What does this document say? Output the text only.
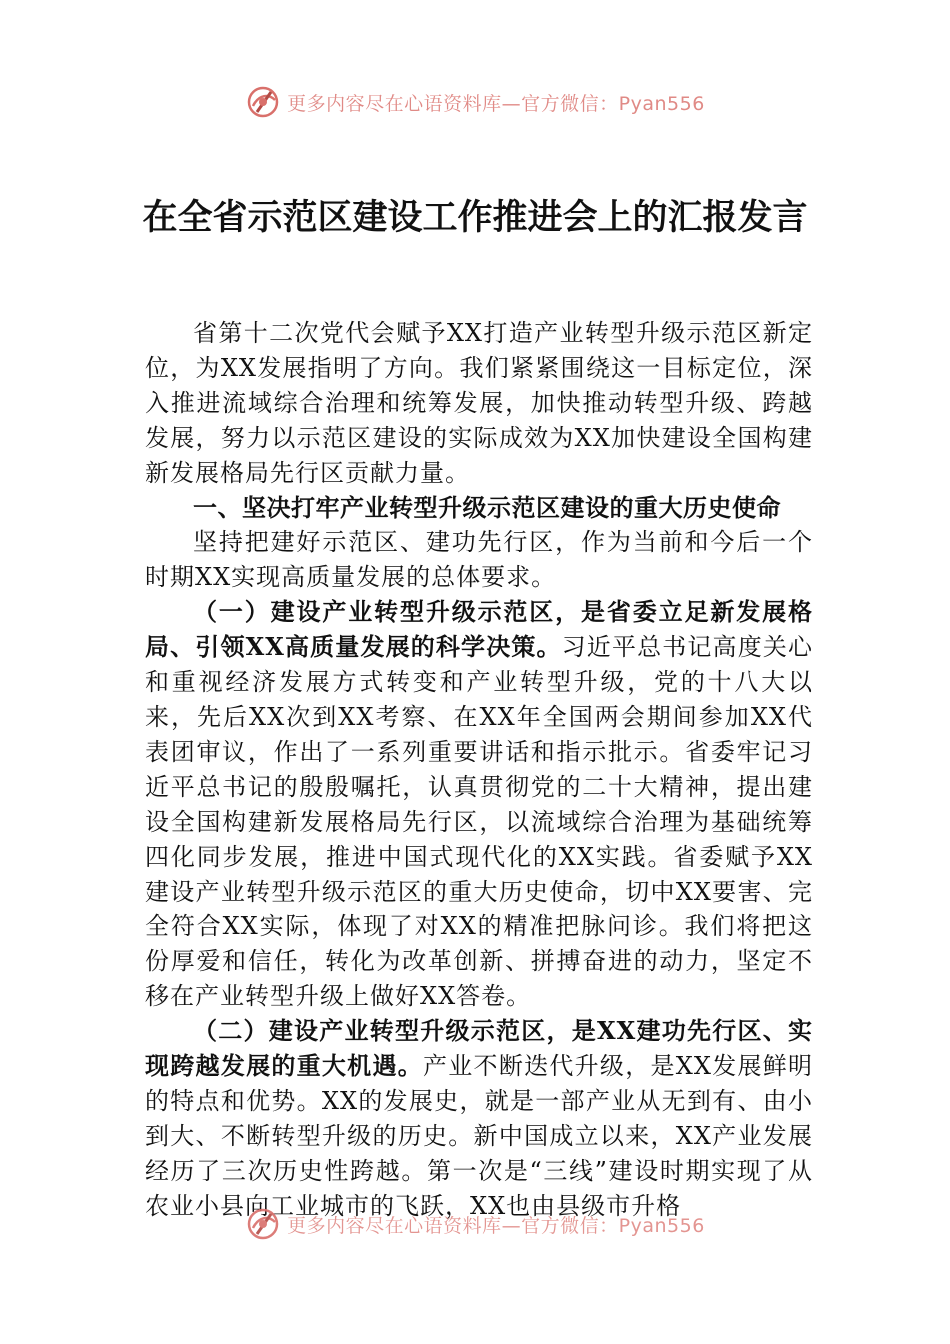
更多内容尽在心语资料库—官方微信：Pyan556
在全省示范区建设工作推进会上的汇报发言

省第十二次党代会赋予XX打造产业转型升级示范区新定位，为XX发展指明了方向。我们紧紧围绕这一目标定位，深入推进流域综合治理和统筹发展，加快推动转型升级、跨越发展，努力以示范区建设的实际成效为XX加快建设全国构建新发展格局先行区贡献力量。

一、坚决打牢产业转型升级示范区建设的重大历史使命

坚持把建好示范区、建功先行区，作为当前和今后一个时期XX实现高质量发展的总体要求。

（一）建设产业转型升级示范区，是省委立足新发展格局、引领XX高质量发展的科学决策。习近平总书记高度关心和重视经济发展方式转变和产业转型升级，党的十八大以来，先后XX次到XX考察、在XX年全国两会期间参加XX代表团审议，作出了一系列重要讲话和指示批示。省委牢记习近平总书记的殷殷嘱托，认真贯彻党的二十大精神，提出建设全国构建新发展格局先行区，以流域综合治理为基础统筹四化同步发展，推进中国式现代化的XX实践。省委赋予XX建设产业转型升级示范区的重大历史使命，切中XX要害、完全符合XX实际，体现了对XX的精准把脉问诊。我们将把这份厚爱和信任，转化为改革创新、拼搏奋进的动力，坚定不移在产业转型升级上做好XX答卷。

（二）建设产业转型升级示范区，是XX建功先行区、实现跨越发展的重大机遇。产业不断迭代升级，是XX发展鲜明的特点和优势。XX的发展史，就是一部产业从无到有、由小到大、不断转型升级的历史。新中国成立以来，XX产业发展经历了三次历史性跨越。第一次是“三线”建设时期实现了从农业小县向工业城市的飞跃，XX也由县级市升格

更多内容尽在心语资料库—官方微信：Pyan556
